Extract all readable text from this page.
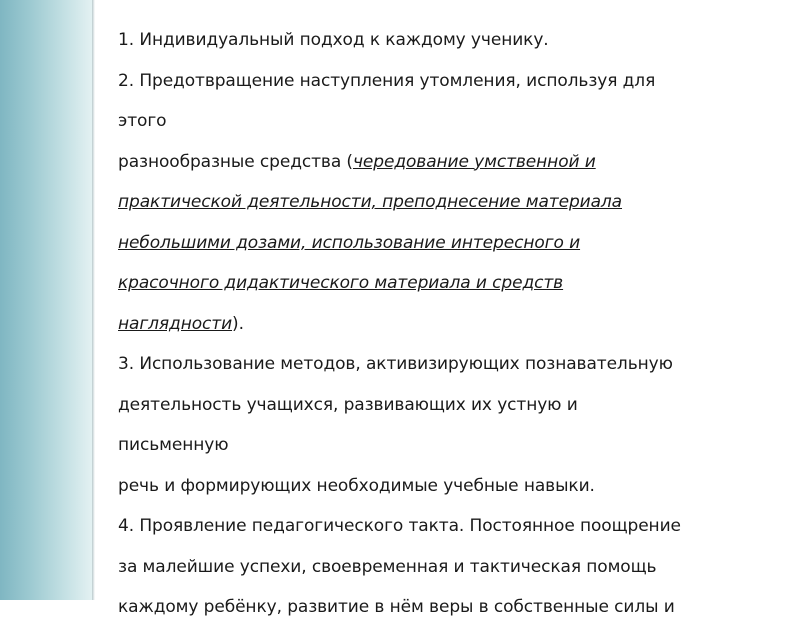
1. Индивидуальный подход к каждому ученику.
2. Предотвращение наступления утомления, используя для
этого
разнообразные средства (чередование умственной и
практической деятельности, преподнесение материала
небольшими дозами, использование интересного и
красочного дидактического материала и средств
наглядности).
3. Использование методов, активизирующих познавательную
деятельность учащихся, развивающих их устную и
письменную
речь и формирующих необходимые учебные навыки.
4. Проявление педагогического такта. Постоянное поощрение
за малейшие успехи, своевременная и тактическая помощь
каждому ребёнку, развитие в нём веры в собственные силы и
